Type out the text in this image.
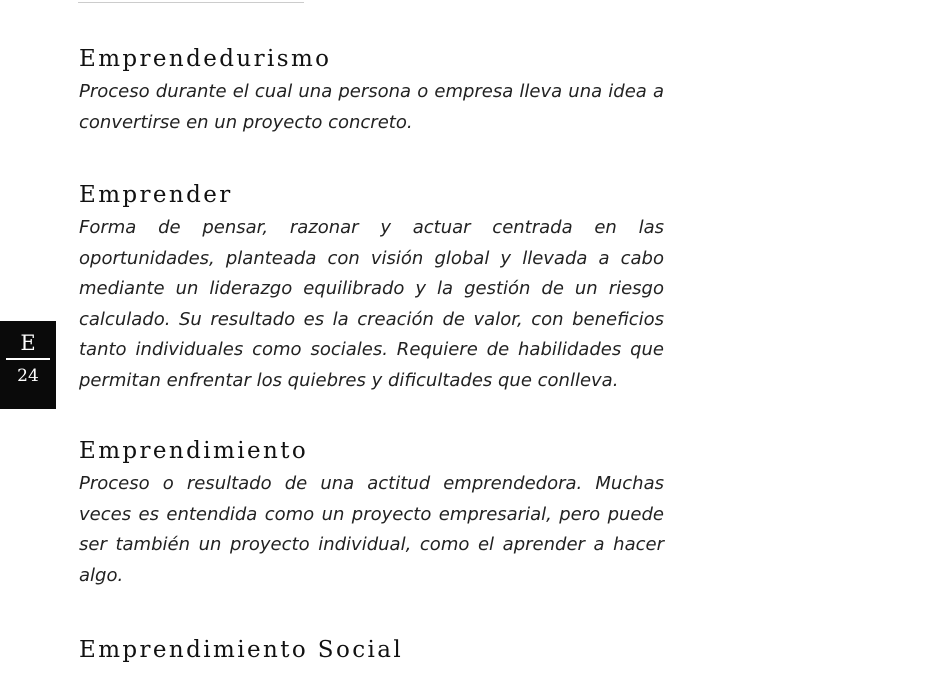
Emprendedurismo

Proceso durante el cual una persona o empresa lleva una idea a convertirse en un proyecto concreto.

Emprender

Forma de pensar, razonar y actuar centrada en las oportunidades, planteada con visión global y llevada a cabo mediante un liderazgo equilibrado y la gestión de un riesgo calculado. Su resultado es la creación de valor, con beneficios tanto individuales como sociales. Requiere de habilidades que permitan enfrentar los quiebres y dificultades que conlleva.

Emprendimiento

Proceso o resultado de una actitud emprendedora. Muchas veces es entendida como un proyecto empresarial, pero puede ser también un proyecto individual, como el aprender a hacer algo.

Emprendimiento Social
E
24
